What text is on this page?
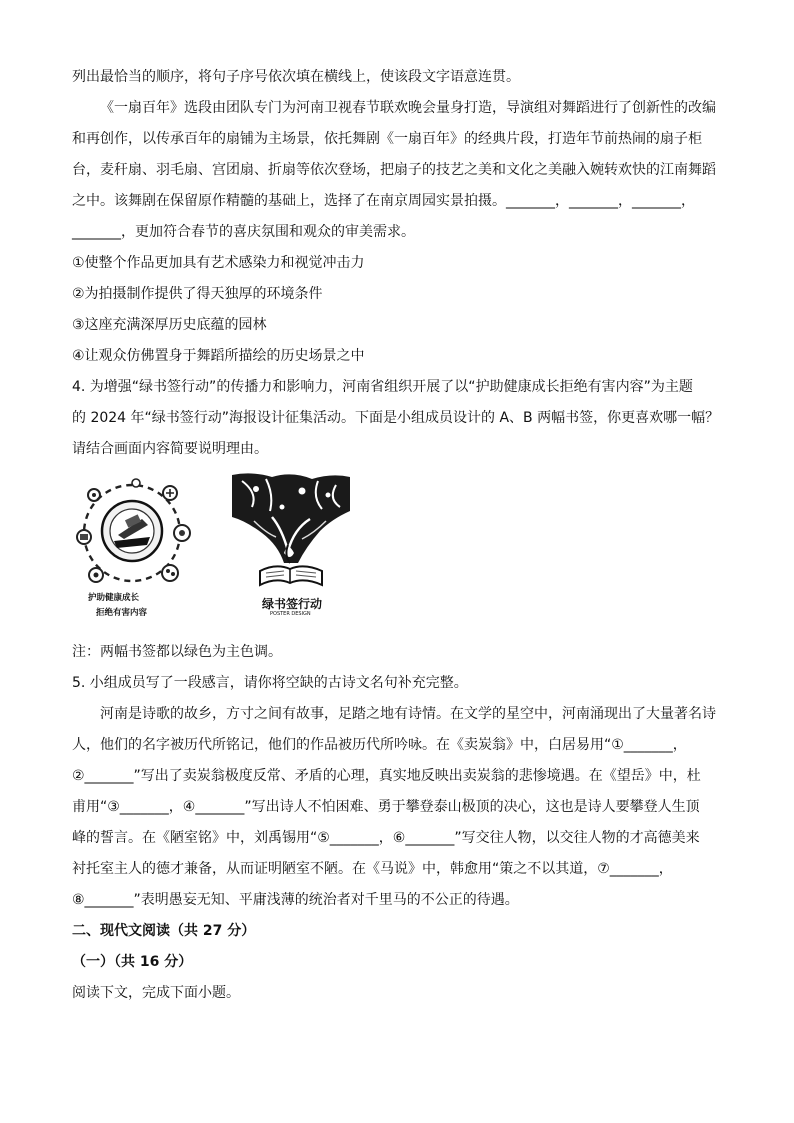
列出最恰当的顺序，将句子序号依次填在横线上，使该段文字语意连贯。
《一扇百年》选段由团队专门为河南卫视春节联欢晚会量身打造，导演组对舞蹈进行了创新性的改编
和再创作，以传承百年的扇铺为主场景，依托舞剧《一扇百年》的经典片段，打造年节前热闹的扇子柜
台，麦秆扇、羽毛扇、宫团扇、折扇等依次登场，把扇子的技艺之美和文化之美融入婉转欢快的江南舞蹈
之中。该舞剧在保留原作精髓的基础上，选择了在南京周园实景拍摄。_______，_______，_______，
_______，更加符合春节的喜庆氛围和观众的审美需求。
①使整个作品更加具有艺术感染力和视觉冲击力
②为拍摄制作提供了得天独厚的环境条件
③这座充满深厚历史底蕴的园林
④让观众仿佛置身于舞蹈所描绘的历史场景之中
4. 为增强“绿书签行动”的传播力和影响力，河南省组织开展了以“护助健康成长拒绝有害内容”为主题
的 2024 年“绿书签行动”海报设计征集活动。下面是小组成员设计的 A、B 两幅书签，你更喜欢哪一幅？
请结合画面内容简要说明理由。
护助健康成长
拒绝有害内容
绿书签行动
POSTER DESIGN
注：两幅书签都以绿色为主色调。
5. 小组成员写了一段感言，请你将空缺的古诗文名句补充完整。
河南是诗歌的故乡，方寸之间有故事，足踏之地有诗情。在文学的星空中，河南涌现出了大量著名诗
人，他们的名字被历代所铭记，他们的作品被历代所吟咏。在《卖炭翁》中，白居易用“①_______，
②_______”写出了卖炭翁极度反常、矛盾的心理，真实地反映出卖炭翁的悲惨境遇。在《望岳》中，杜
甫用“③_______，④_______”写出诗人不怕困难、勇于攀登泰山极顶的决心，这也是诗人要攀登人生顶
峰的誓言。在《陋室铭》中，刘禹锡用“⑤_______，⑥_______”写交往人物，以交往人物的才高德美来
衬托室主人的德才兼备，从而证明陋室不陋。在《马说》中，韩愈用“策之不以其道，⑦_______，
⑧_______”表明愚妄无知、平庸浅薄的统治者对千里马的不公正的待遇。
二、现代文阅读（共 27 分）
（一）（共 16 分）
阅读下文，完成下面小题。
